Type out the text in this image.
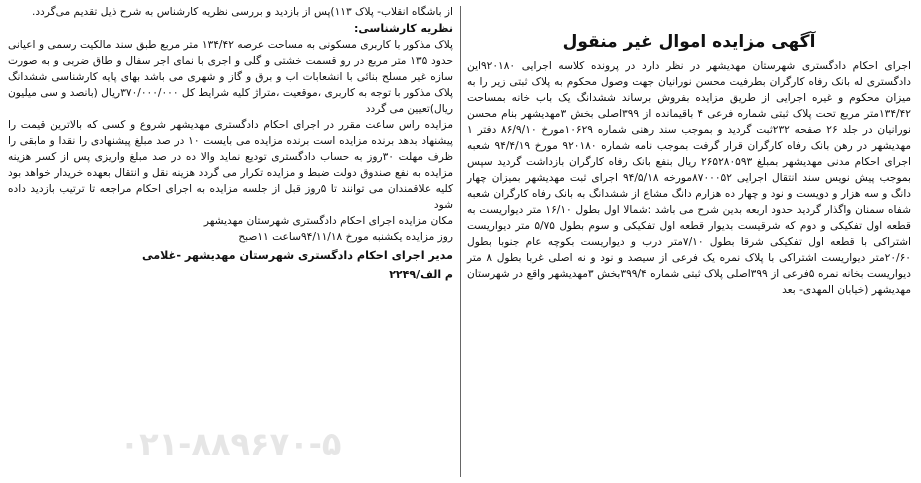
آگهی مزایده اموال غیر منقول

اجرای احکام دادگستری شهرستان مهدیشهر در نظر دارد در پرونده کلاسه اجرایی ۹۲۰۱۸۰این دادگستری له بانک رفاه کارگران بطرفیت محسن نورانیان جهت وصول محکوم به پلاک ثبتی زیر را به میزان محکوم و غیره اجرایی از طریق مزایده بفروش برساند ششدانگ یک باب خانه بمساحت ۱۳۴/۴۲متر مربع تحت پلاک ثبتی شماره فرعی ۴ باقیمانده از ۳۹۹اصلی بخش ۳مهدیشهر بنام محسن نورانیان در جلد ۲۶ صفحه ۲۳۲ثبت گردید و بموجب سند رهنی شماره ۱۰۶۲۹مورخ ۸۶/۹/۱۰ دفتر ۱ مهدیشهر در رهن بانک رفاه کارگران قرار گرفت بموجب نامه شماره ۹۲۰۱۸۰ مورخ ۹۴/۴/۱۹ شعبه اجرای احکام مدنی مهدیشهر بمبلغ ۲۶۵۲۸۰۵۹۳ ریال بنفع بانک رفاه کارگران بازداشت گردید سپس بموجب پیش نویس سند انتقال اجرایی ۸۷۰۰۰۵۲مورخه ۹۴/۵/۱۸ اجرای ثبت مهدیشهر بمیزان چهار دانگ و سه هزار و دویست و نود و چهار ده هزارم دانگ مشاع از ششدانگ به بانک رفاه کارگران شعبه شفاه سمنان واگذار گردید حدود اربعه بدین شرح می باشد :شمالا اول بطول ۱۶/۱۰ متر دیواریست به قطعه اول تفکیکی و دوم که شرقیست بدیوار قطعه اول تفکیکی و سوم بطول ۵/۷۵ متر دیواریست اشتراکی با قطعه اول تفکیکی شرقا بطول ۷/۱۰متر درب و دیواریست بکوچه عام جنوبا بطول ۲۰/۶۰متر دیواریست اشتراکی با پلاک نمره یک فرعی از سیصد و نود و نه اصلی غربا بطول ۸ متر دیواریست بخانه نمره ۵فرعی از ۳۹۹اصلی پلاک ثبتی شماره ۳۹۹/۴بخش ۳مهدیشهر واقع در شهرستان مهدیشهر (خیابان المهدی- بعد

از باشگاه انقلاب- پلاک ۱۱۳)پس از بازدید و بررسی نظریه کارشناس به شرح ذیل تقدیم می‌گردد.

نظریه کارشناسی:

پلاک مذکور با کاربری مسکونی به مساحت عرصه ۱۳۴/۴۲ متر مربع طبق سند مالکیت رسمی و اعیانی حدود ۱۳۵ متر مربع در رو قسمت خشتی و گلی و اجری با نمای اجر سفال و طاق ضربی و به صورت سازه غیر مسلح بنائی با انشعابات اب و برق و گاز و شهری می باشد بهای پایه کارشناسی ششدانگ پلاک مذکور با توجه به کاربری ،موقعیت ،متراژ کلیه شرایط کل ۳۷۰/۰۰۰/۰۰۰ریال (بانصد و سی میلیون ریال)تعیین می گردد

مزایده راس ساعت مقرر در اجرای احکام دادگستری مهدیشهر شروع و کسی که بالاترین قیمت را پیشنهاد بدهد برنده مزایده است برنده مزایده می بایست ۱۰ در صد مبلغ پیشنهادی را نقدا و مابقی را ظرف مهلت ۳۰روز به حساب دادگستری تودیع نماید والا ده در صد مبلغ واریزی پس از کسر هزینه مزایده به نفع صندوق دولت ضبط و مزایده تکرار می گردد هزینه نقل و انتقال بعهده خریدار خواهد بود کلیه علاقمندان می توانند تا ۵روز قبل از جلسه مزایده به اجرای احکام مراجعه تا ترتیب بازدید داده شود

مکان مزایده اجرای احکام دادگستری شهرستان مهدیشهر

روز مزایده یکشنبه مورخ ۹۴/۱۱/۱۸ساعت ۱۱صبح

مدیر اجرای احکام دادگستری شهرستان مهدیشهر -غلامی

م الف/۲۲۴۹

۰۲۱-۸۸۹۶۷۰-۵
